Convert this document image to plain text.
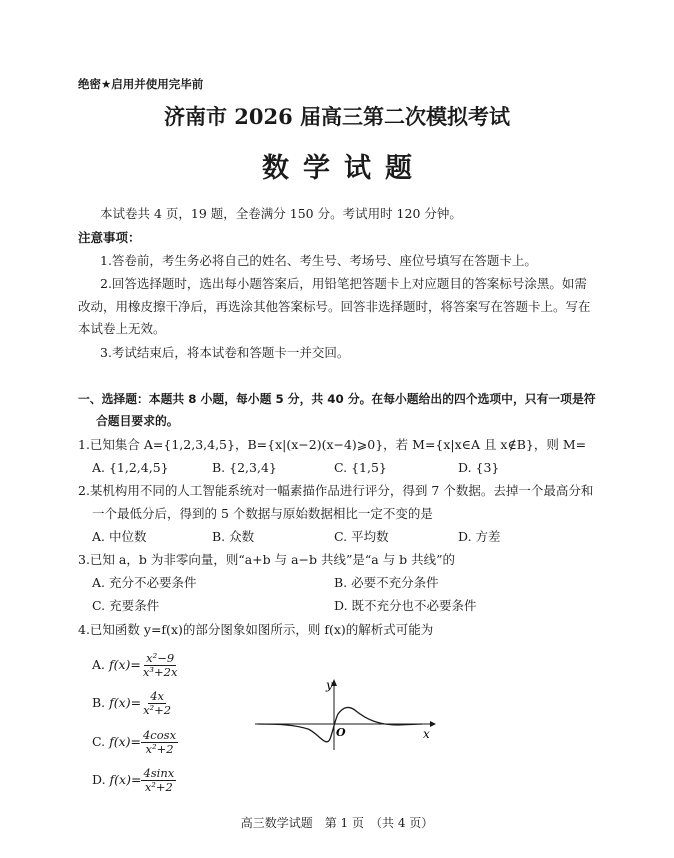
绝密★启用并使用完毕前
济南市 2026 届高三第二次模拟考试
数学试题
本试卷共 4 页，19 题，全卷满分 150 分。考试用时 120 分钟。
注意事项：
1.答卷前，考生务必将自己的姓名、考生号、考场号、座位号填写在答题卡上。
2.回答选择题时，选出每小题答案后，用铅笔把答题卡上对应题目的答案标号涂黑。如需
改动，用橡皮擦干净后，再选涂其他答案标号。回答非选择题时，将答案写在答题卡上。写在
本试卷上无效。
3.考试结束后，将本试卷和答题卡一并交回。
一、选择题：本题共 8 小题，每小题 5 分，共 40 分。在每小题给出的四个选项中，只有一项是符
合题目要求的。
1.已知集合 A={1,2,3,4,5}，B={x|(x−2)(x−4)⩾0}，若 M={x|x∈A 且 x∉B}，则 M=
A. {1,2,4,5}	B. {2,3,4}	C. {1,5}	D. {3}
2.某机构用不同的人工智能系统对一幅素描作品进行评分，得到 7 个数据。去掉一个最高分和
一个最低分后，得到的 5 个数据与原始数据相比一定不变的是
A. 中位数	B. 众数	C. 平均数	D. 方差
3.已知 a，b 为非零向量，则“a+b 与 a−b 共线”是“a 与 b 共线”的
A. 充分不必要条件	B. 必要不充分条件
C. 充要条件	D. 既不充分也不必要条件
4.已知函数 y=f(x)的部分图象如图所示，则 f(x)的解析式可能为
A. $f(x)= \frac{\text{x²−9}}{\text{x³+2x}}$
B. $f(x)= \frac{4x}{\text{x²+2}}$
C. $f(x)= \frac{4\cos x}{\text{x²+2}}$
D. $f(x)= \frac{4\sin x}{\text{x²+2}}$
y
x
O
高三数学试题　第 1 页　（共 4 页）
